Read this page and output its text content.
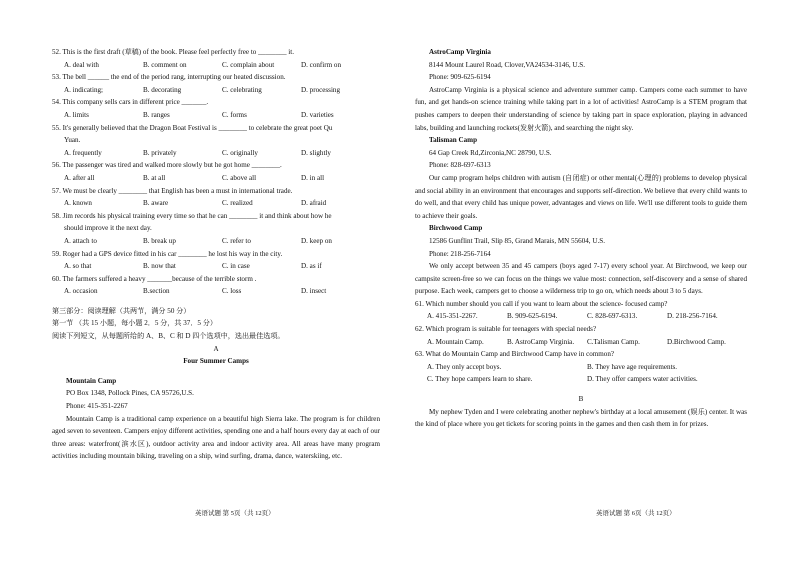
52. This is the first draft (草稿) of the book. Please feel perfectly free to ________ it.
A. deal with	B. comment on	C. complain about	D. confirm on
53. The bell ______ the end of the period rang, interrupting our heated discussion.
A. indicating;	B. decorating	C. celebrating	D. processing
54. This company sells cars in different price _______.
A. limits	B. ranges	C. forms	D. varieties
55. It's generally believed that the Dragon Boat Festival is ________ to celebrate the great poet Qu
Yuan.
A. frequently	B. privately	C. originally	D. slightly
56. The passenger was tired and walked more slowly but he got home ________.
A. after all	B. at all	C. above all	D. in all
57. We must be clearly ________ that English has been a must in international trade.
A. known	B. aware	C. realized	D. afraid
58. Jim records his physical training every time so that he can ________ it and think about how he
should improve it the next day.
A. attach to	B. break up	C. refer to	D. keep on
59. Roger had a GPS device fitted in his car ________ he lost his way in the city.
A. so that	B. now that	C. in case	D. as if
60. The farmers suffered a heavy _______because of the terrible storm .
A. occasion	B.section	C. loss	D. insect
第三部分：阅读理解（共两节，满分 50 分）
第一节 （共 15 小题，每小题 2．5 分，共 37．5 分）
阅读下列短文，从每题所给的 A、B、C 和 D 四个选项中，选出最佳选项。
A
Four Summer Camps
Mountain Camp
PO Box 1348, Pollock Pines, CA 95726,U.S.
Phone: 415-351-2267
Mountain Camp is a traditional camp experience on a beautiful high Sierra lake. The program is for children aged seven to seventeen. Campers enjoy different activities, spending one and a half hours every day at each of our three areas: waterfront(滨水区), outdoor activity area and indoor activity area. All areas have many program activities including mountain biking, traveling on a ship, wind surfing, drama, dance, waterskiing, etc.
AstroCamp Virginia
8144 Mount Laurel Road, Clover,VA24534-3146, U.S.
Phone: 909-625-6194
AstroCamp Virginia is a physical science and adventure summer camp. Campers come each summer to have fun, and get hands-on science training while taking part in a lot of activities! AstroCamp is a STEM program that pushes campers to deepen their understanding of science by taking part in space exploration, playing in advanced labs, building and launching rockets(发射火箭), and searching the night sky.
Talisman Camp
64 Gap Creek Rd,Zirconia,NC 28790, U.S.
Phone: 828-697-6313
Our camp program helps children with autism (自闭症) or other mental(心理的) problems to develop physical and social ability in an environment that encourages and supports self-direction. We believe that every child wants to do well, and that every child has unique power, advantages and views on life. We'll use different tools to guide them to achieve their goals.
Birchwood Camp
12586 Gunflint Trail, Slip 85, Grand Marais, MN 55604, U.S.
Phone: 218-256-7164
We only accept between 35 and 45 campers (boys aged 7-17) every school year. At Birchwood, we keep our campsite screen-free so we can focus on the things we value most: connection, self-discovery and a sense of shared purpose. Each week, campers get to choose a wilderness trip to go on, which needs about 3 to 5 days.
61. Which number should you call if you want to learn about the science- focused camp?
A. 415-351-2267.	B. 909-625-6194.	C. 828-697-6313.	D. 218-256-7164.
62. Which program is suitable for teenagers with special needs?
A. Mountain Camp.	B. AstroCamp Virginia.	C.Talisman Camp.	D.Birchwood Camp.
63. What do Mountain Camp and Birchwood Camp have in common?
A. They only accept boys.	B. They have age requirements.
C. They hope campers learn to share.	D. They offer campers water activities.
B
My nephew Tyden and I were celebrating another nephew's birthday at a local amusement (娱乐) center. It was the kind of place where you get tickets for scoring points in the games and then cash them in for prizes.
英语试题 第 5页（共 12页）	英语试题 第 6页（共 12页）
